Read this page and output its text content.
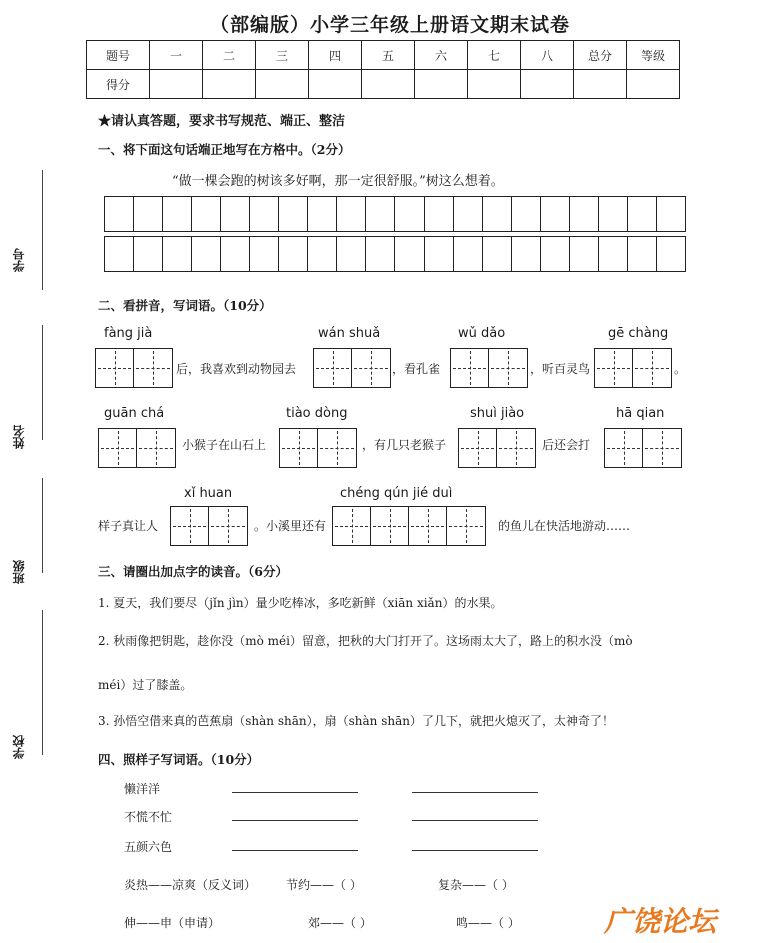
（部编版）小学三年级上册语文期末试卷
题号	一	二	三	四	五	六	七	八	总分	等级
得分										
★请认真答题，要求书写规范、端正、整洁
学号
姓名
班级
学校
一、将下面这句话端正地写在方格中。（2分）
“做一棵会跑的树该多好啊，那一定很舒服。”树这么想着。
二、看拼音，写词语。（10分）
fàng jià
后，我喜欢到动物园去
wán shuǎ
，看孔雀
wǔ dǎo
，听百灵鸟
gē chàng
。
guān chá
小猴子在山石上
tiào dòng
，有几只老猴子
shuì jiào
后还会打
hā qian
样子真让人
xǐ huan
。小溪里还有
chéng qún jié duì
的鱼儿在快活地游动……
三、请圈出加点字的读音。（6分）
1. 夏天，我们要尽（jǐn jìn）量少吃棒冰，多吃新鲜（xiān xiǎn）的水果。
2. 秋雨像把钥匙，趁你没（mò méi）留意，把秋的大门打开了。这场雨太大了，路上的积水没（mò
méi）过了膝盖。
3. 孙悟空借来真的芭蕉扇（shàn shān），扇（shàn shān）了几下，就把火熄灭了，太神奇了！
四、照样子写词语。（10分）
懒洋洋
不慌不忙
五颜六色
炎热——凉爽（反义词） 节约——（ ）	复杂——（ ）
伸——申（申请）	郊——（ ）	鸣——（ ）	广饶论坛
